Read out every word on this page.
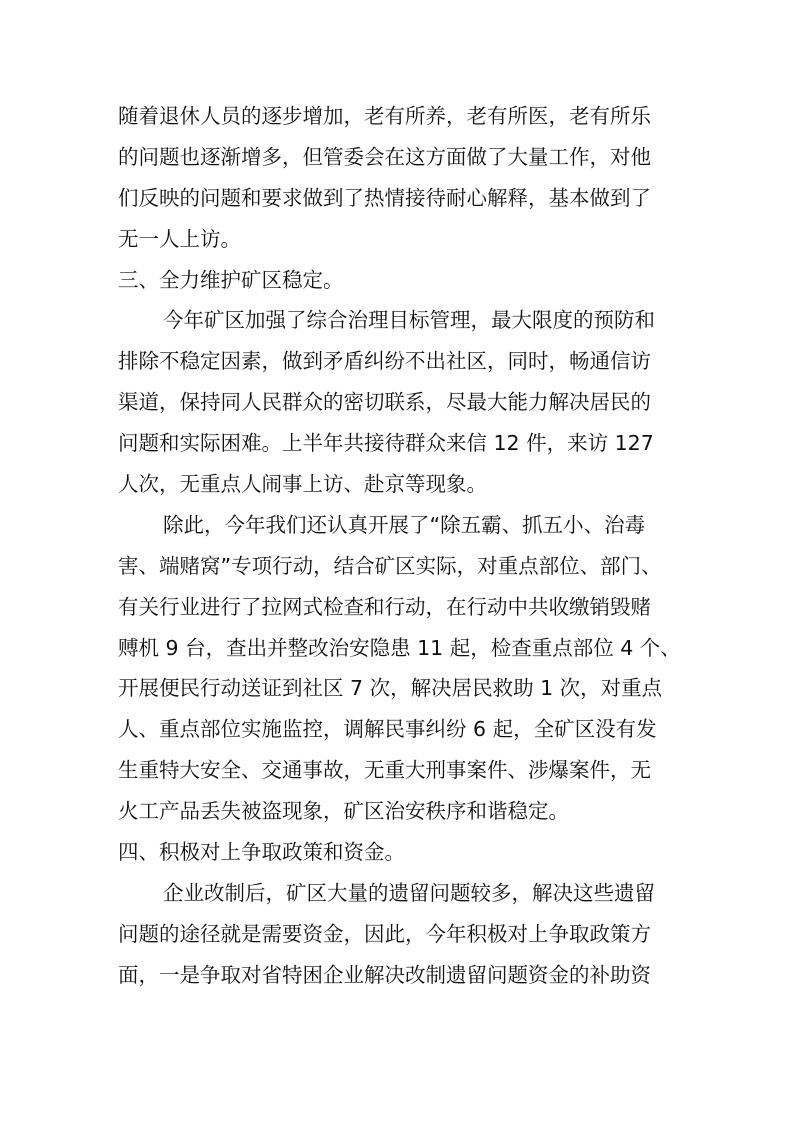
随着退休人员的逐步增加，老有所养，老有所医，老有所乐
的问题也逐渐增多，但管委会在这方面做了大量工作，对他
们反映的问题和要求做到了热情接待耐心解释，基本做到了
无一人上访。
三、全力维护矿区稳定。
今年矿区加强了综合治理目标管理，最大限度的预防和
排除不稳定因素，做到矛盾纠纷不出社区，同时，畅通信访
渠道，保持同人民群众的密切联系，尽最大能力解决居民的
问题和实际困难。上半年共接待群众来信 12 件，来访 127
人次，无重点人闹事上访、赴京等现象。
除此，今年我们还认真开展了“除五霸、抓五小、治毒
害、端赌窝”专项行动，结合矿区实际，对重点部位、部门、
有关行业进行了拉网式检查和行动，在行动中共收缴销毁赌
赙机 9 台，查出并整改治安隐患 11 起，检查重点部位 4 个、
开展便民行动送证到社区 7 次，解决居民救助 1 次，对重点
人、重点部位实施监控，调解民事纠纷 6 起，全矿区没有发
生重特大安全、交通事故，无重大刑事案件、涉爆案件，无
火工产品丢失被盗现象，矿区治安秩序和谐稳定。
四、积极对上争取政策和资金。
企业改制后，矿区大量的遗留问题较多，解决这些遗留
问题的途径就是需要资金，因此，今年积极对上争取政策方
面，一是争取对省特困企业解决改制遗留问题资金的补助资
